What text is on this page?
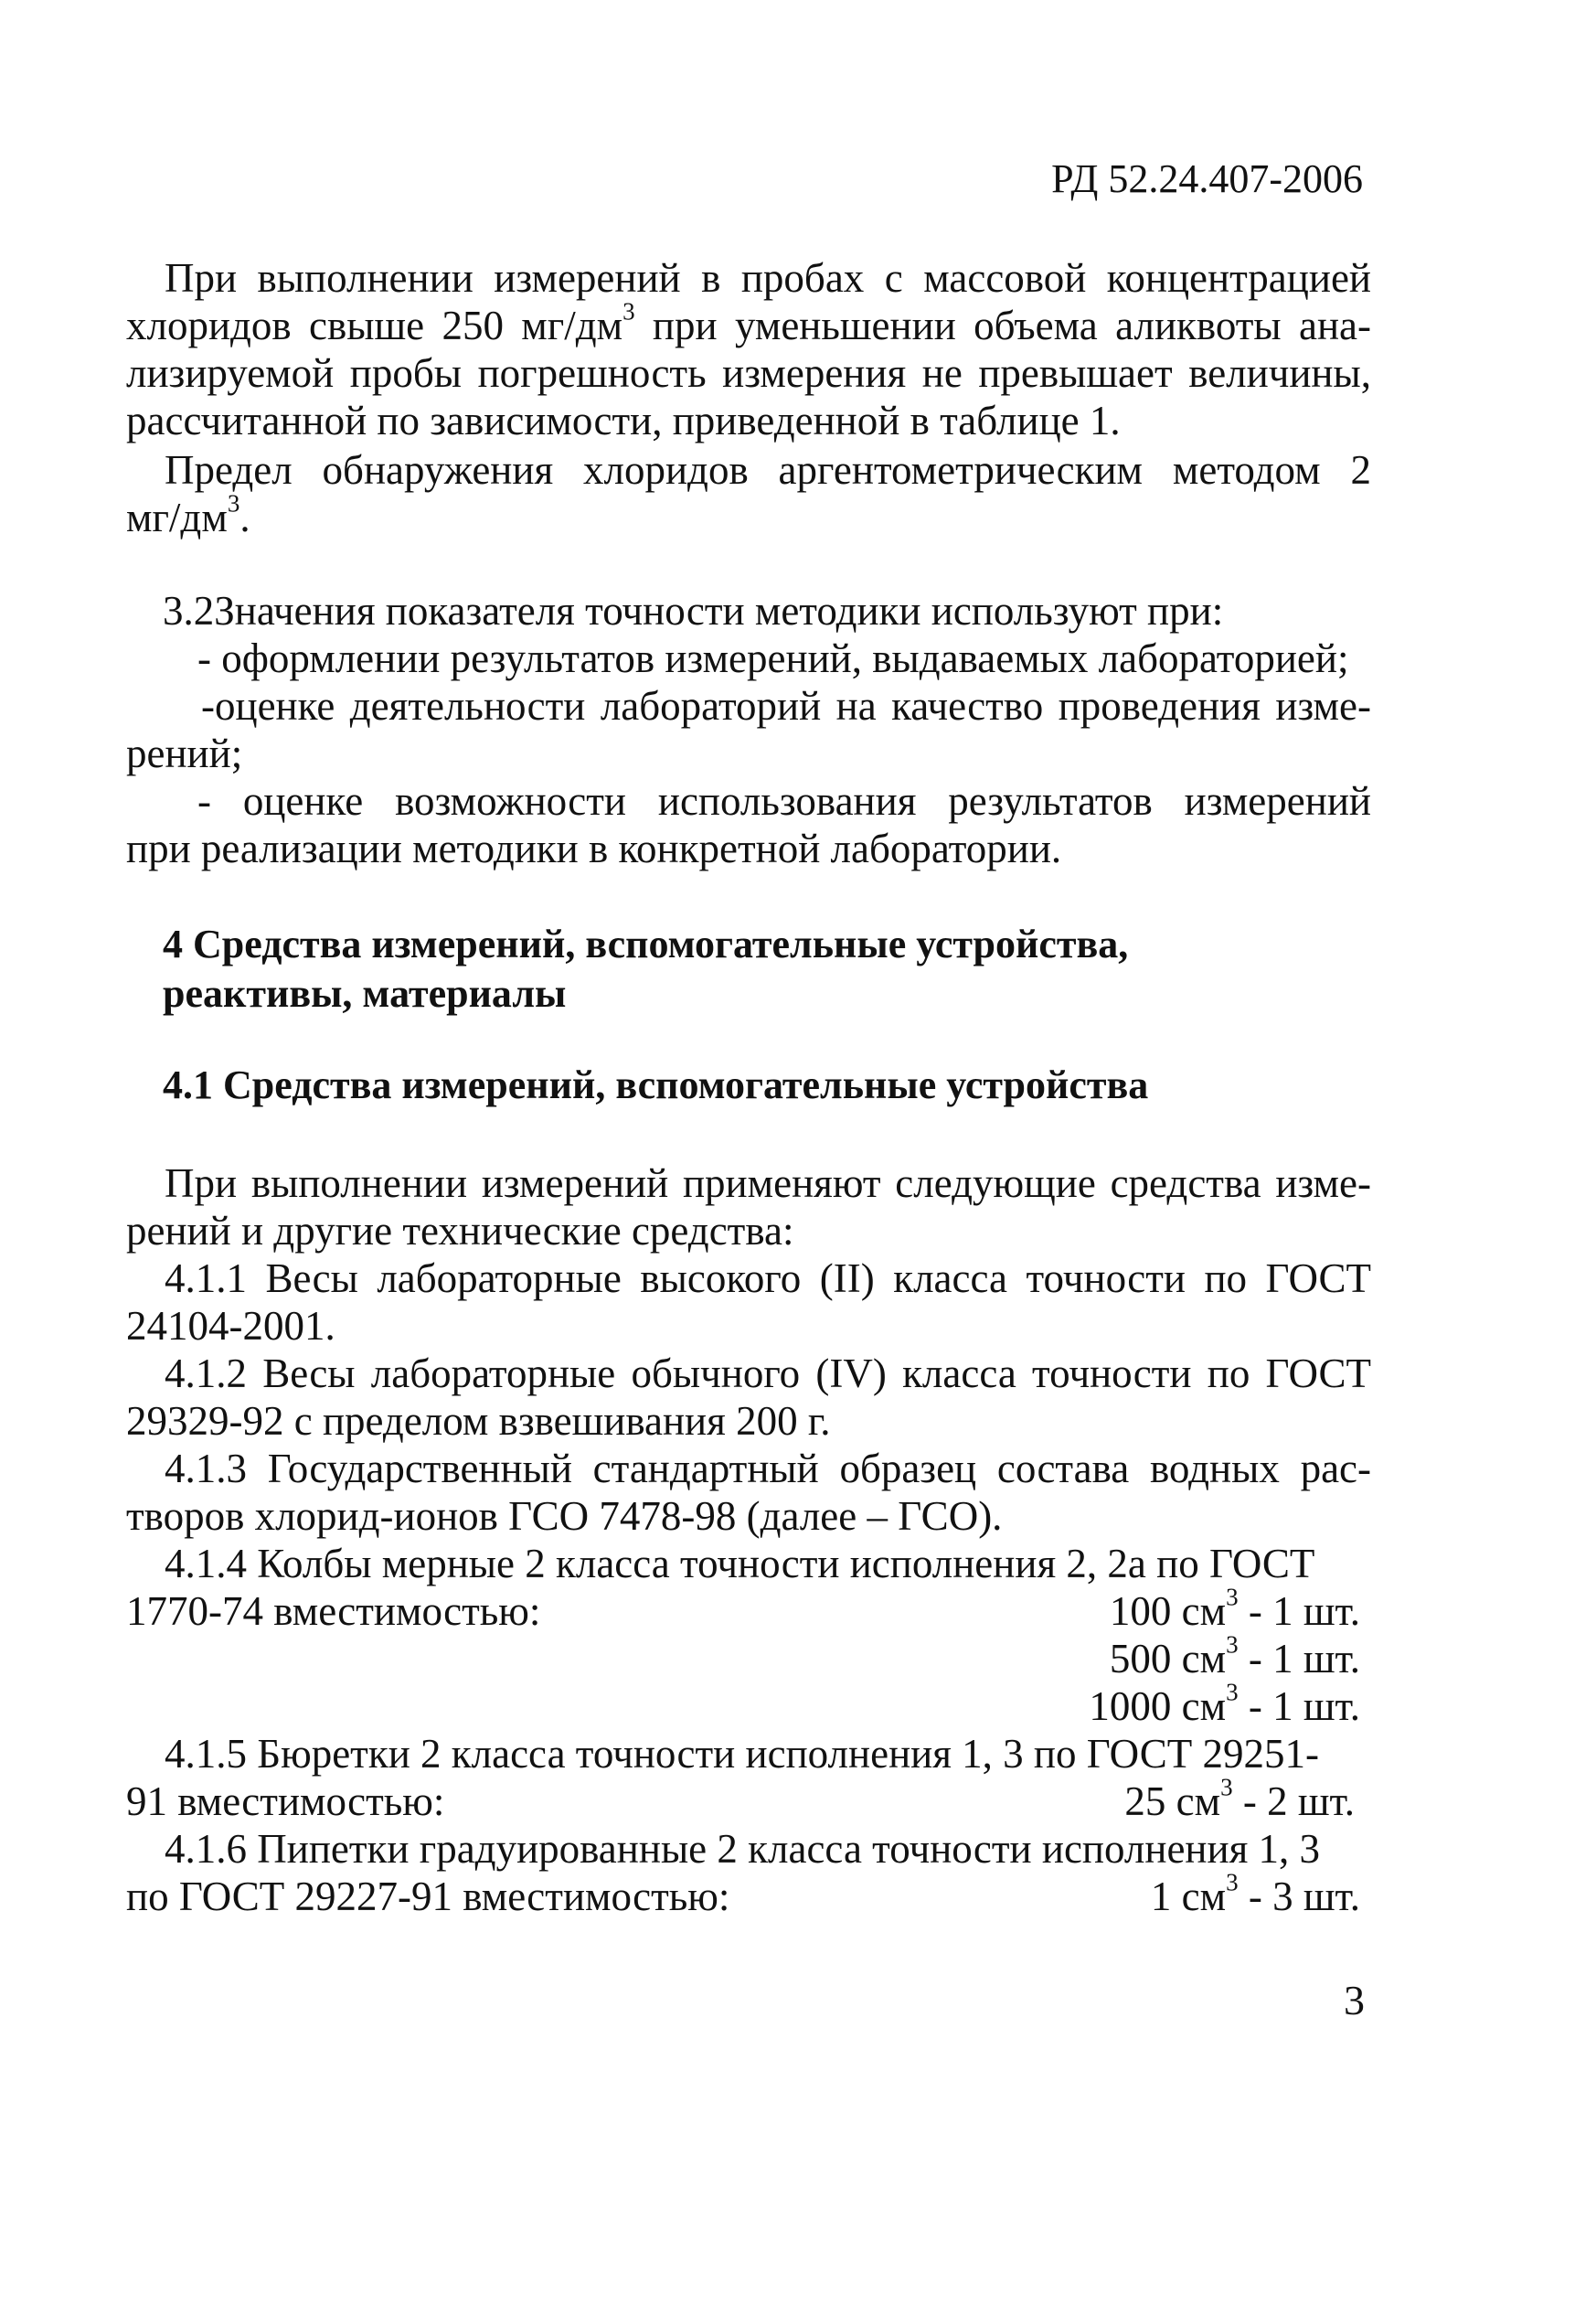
РД 52.24.407-2006
При выполнении измерений в пробах с массовой концентрацией
хлоридов свыше 250 $мг/дм^3$ при уменьшении объема аликвоты ана-
лизируемой пробы погрешность измерения не превышает величины,
рассчитанной по зависимости, приведенной в таблице 1.
Предел обнаружения хлоридов аргентометрическим методом 2
$мг/дм^3$.
3.2Значения показателя точности методики используют при:
- оформлении результатов измерений, выдаваемых лабораторией;
-оценке деятельности лабораторий на качество проведения изме-
рений;
- оценке возможности использования результатов измерений
при реализации методики в конкретной лаборатории.
4 Средства измерений, вспомогательные устройства,
реактивы, материалы
4.1 Средства измерений, вспомогательные устройства
При выполнении измерений применяют следующие средства изме-
рений и другие технические средства:
4.1.1 Весы лабораторные высокого (II) класса точности по ГОСТ
24104-2001.
4.1.2 Весы лабораторные обычного (IV) класса точности по ГОСТ
29329-92 с пределом взвешивания 200 г.
4.1.3 Государственный стандартный образец состава водных рас-
творов хлорид-ионов ГСО 7478-98 (далее – ГСО).
4.1.4 Колбы мерные 2 класса точности исполнения 2, 2а по ГОСТ
1770-74 вместимостью:	100 $см^3 - 1$ шт.
500 $см^3 - 1$ шт.
1000 $см^3 - 1$ шт.
4.1.5 Бюретки 2 класса точности исполнения 1, 3 по ГОСТ 29251-
91 вместимостью:	25 $см^3 - 2$ шт.
4.1.6 Пипетки градуированные 2 класса точности исполнения 1, 3
по ГОСТ 29227-91 вместимостью:	1 $см^3 - 3$ шт.
3
